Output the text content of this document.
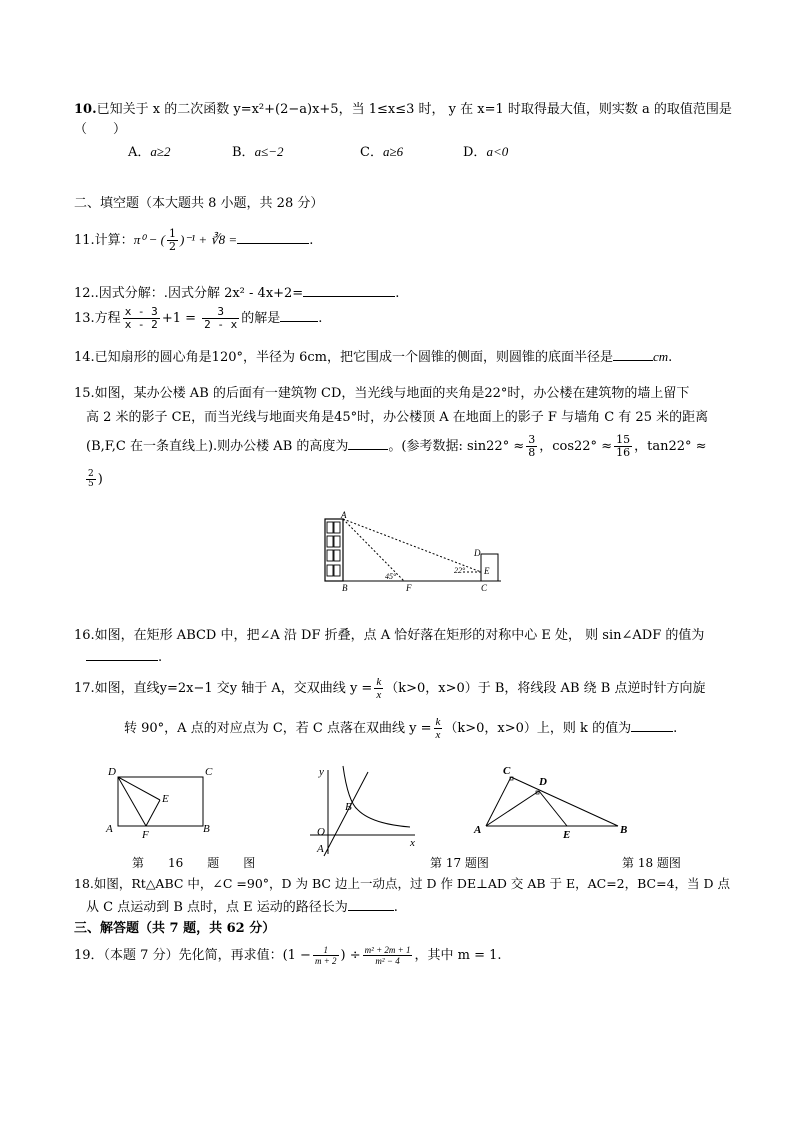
10.已知关于 x 的二次函数 y=x²+(2−a)x+5，当 1≤x≤3 时， y 在 x=1 时取得最大值，则实数 a 的取值范围是
（　　）
A．a≥2	B．a≤−2	C．a≥6	D．a<0
二、填空题（本大题共 8 小题，共 28 分）
11.计算：π⁰ − ( $\frac{1}{2} )^{-1}$ + ∛8 =	.
12..因式分解：.因式分解 2x² - 4x+2=	.
13.方程 $\frac{x - 3}{x - 2} +1 = \frac{3}{2 - x}$ 的解是	.
14.已知扇形的圆心角是120°，半径为 6cm，把它围成一个圆锥的侧面，则圆锥的底面半径是	cm.
15.如图，某办公楼 AB 的后面有一建筑物 CD，当光线与地面的夹角是22°时，办公楼在建筑物的墙上留下
高 2 米的影子 CE，而当光线与地面夹角是45°时，办公楼顶 A 在地面上的影子 F 与墙角 C 有 25 米的距离
(B,F,C 在一条直线上).则办公楼 AB 的高度为	。(参考数据: $\sin 22^\circ \approx \frac{3}{8}$ ，$\cos 22^\circ \approx \frac{15}{16}$ ，tan22° ≈
$\frac{2}{5}$ )
A
B	F	C
D
E
45°
22°
16.如图，在矩形 ABCD 中，把∠A 沿 DF 折叠，点 A 恰好落在矩形的对称中心 E 处， 则 sin∠ADF 的值为
.
17.如图，直线y=2x−1 交y 轴于 A，交双曲线 $y = \frac{k}{x} (k>0$，x>0）于 B，将线段 AB 绕 B 点逆时针方向旋
转 90°，A 点的对应点为 C，若 C 点落在双曲线 $y = \frac{k}{x} (k>0$，x>0）上，则 k 的值为	.
D	C
E
A	F	B
y
x
O
A
B
C
D
A	E	B
第　　16　　题　　图	第 17 题图	第 18 题图
18.如图，Rt△ABC 中，∠C =90°，D 为 BC 边上一动点，过 D 作 DE⊥AD 交 AB 于 E，AC=2，BC=4，当 D 点
从 C 点运动到 B 点时，点 E 运动的路径长为	.
三、解答题（共 7 题，共 62 分）
19．（本题 7 分）先化简，再求值：($1 - \frac{1}{m + 2}$ ) ÷ $\frac{\text{m² + 2m + 1}}{\text{m² − 4}}$ ，其中 m = 1.
